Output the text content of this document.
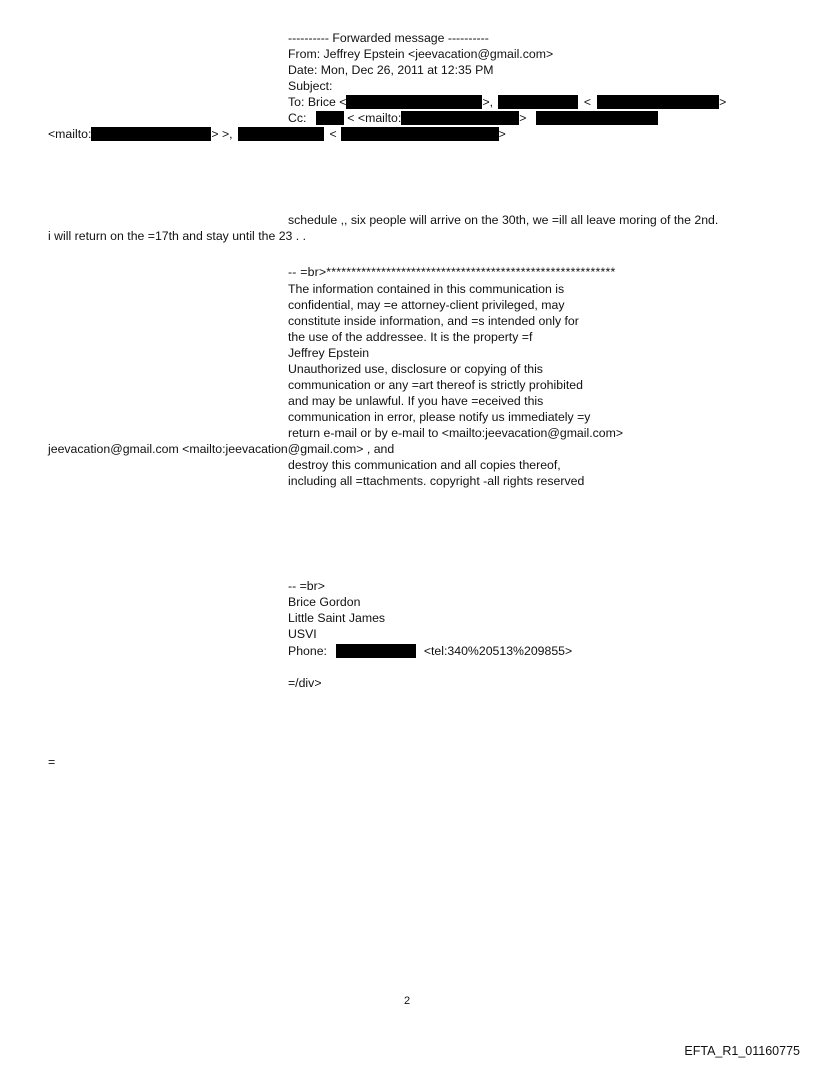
---------- Forwarded message ----------
From: Jeffrey Epstein <jeevacation@gmail.com>
Date: Mon, Dec 26, 2011 at 12:35 PM
Subject:
To: Brice <	>,	<	>
Cc:	< <mailto:	>
<mailto:	> >,	<	>
schedule ,, six people will arrive on the 30th, we =ill all leave moring of the 2nd.
i will return on the =17th and stay until the 23 . .
-- =br>**********************************************************
The information contained in this communication is
confidential, may =e attorney-client privileged, may
constitute inside information, and =s intended only for
the use of the addressee. It is the property =f
Jeffrey Epstein
Unauthorized use, disclosure or copying of this
communication or any =art thereof is strictly prohibited
and may be unlawful. If you have =eceived this
communication in error, please notify us immediately =y
return e-mail or by e-mail to <mailto:jeevacation@gmail.com>
jeevacation@gmail.com <mailto:jeevacation@gmail.com> , and
destroy this communication and all copies thereof,
including all =ttachments. copyright -all rights reserved
-- =br>
Brice Gordon
Little Saint James
USVI
Phone:	<tel:340%20513%209855>
=/div>
=
2
EFTA_R1_01160775
